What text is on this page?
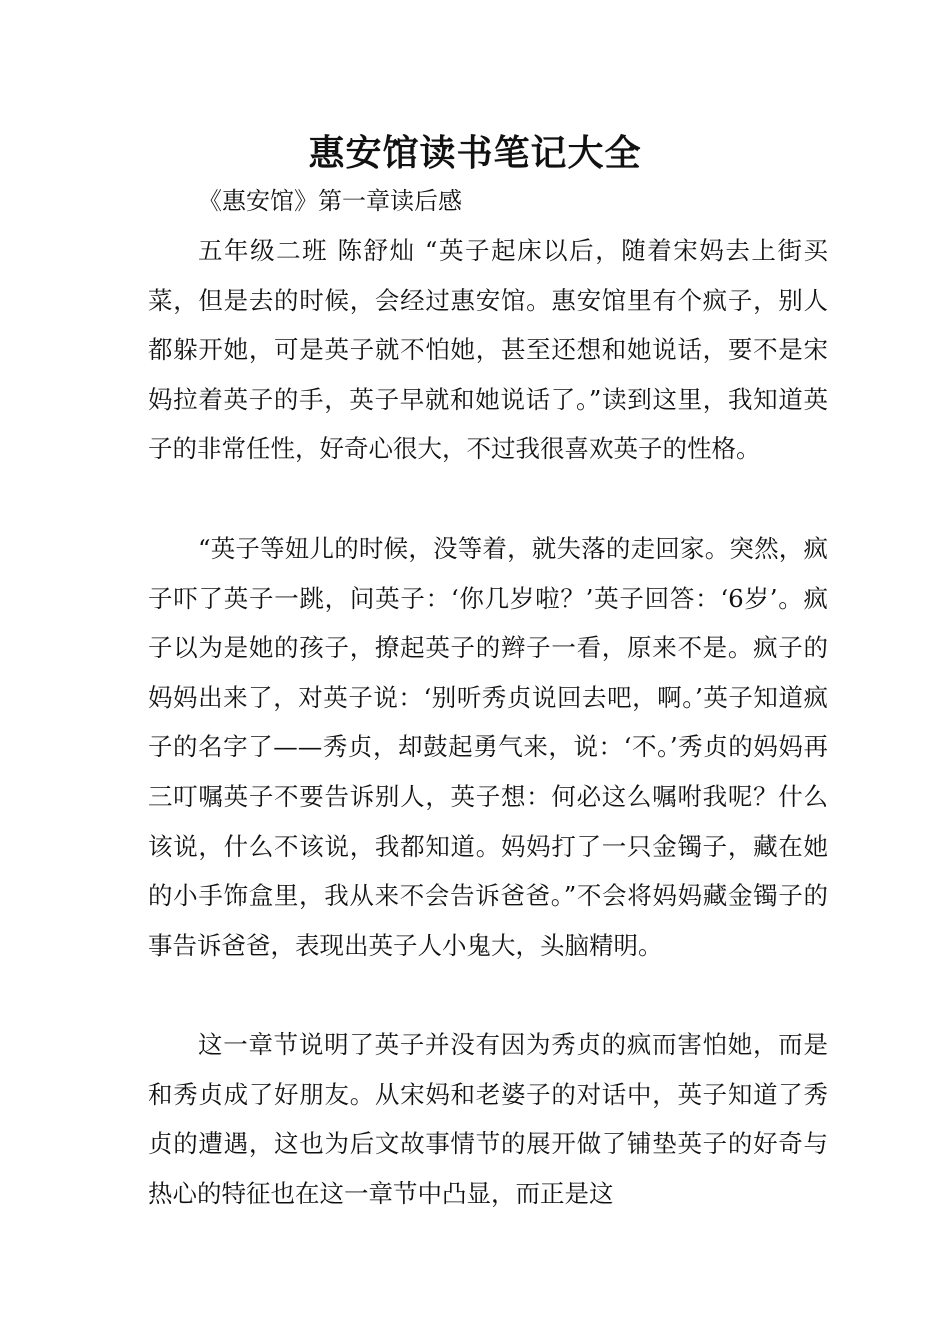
惠安馆读书笔记大全

《惠安馆》第一章读后感

五年级二班 陈舒灿 “英子起床以后，随着宋妈去上街买菜，但是去的时候，会经过惠安馆。惠安馆里有个疯子，别人都躲开她，可是英子就不怕她，甚至还想和她说话，要不是宋妈拉着英子的手，英子早就和她说话了。”读到这里，我知道英子的非常任性，好奇心很大，不过我很喜欢英子的性格。

“英子等妞儿的时候，没等着，就失落的走回家。突然，疯子吓了英子一跳，问英子：‘你几岁啦？’英子回答：‘6岁’。疯子以为是她的孩子，撩起英子的辫子一看，原来不是。疯子的妈妈出来了，对英子说：‘别听秀贞说回去吧，啊。’英子知道疯子的名字了——秀贞，却鼓起勇气来，说：‘不。’秀贞的妈妈再三叮嘱英子不要告诉别人，英子想：何必这么嘱咐我呢？什么该说，什么不该说，我都知道。妈妈打了一只金镯子，藏在她的小手饰盒里，我从来不会告诉爸爸。”不会将妈妈藏金镯子的事告诉爸爸，表现出英子人小鬼大，头脑精明。

这一章节说明了英子并没有因为秀贞的疯而害怕她，而是和秀贞成了好朋友。从宋妈和老婆子的对话中，英子知道了秀贞的遭遇，这也为后文故事情节的展开做了铺垫英子的好奇与热心的特征也在这一章节中凸显，而正是这
